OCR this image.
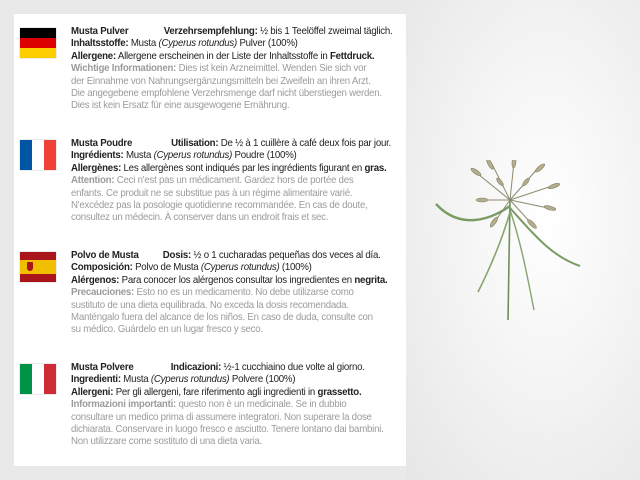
Musta Pulver	Verzehrsempfehlung: ½ bis 1 Teelöffel zweimal täglich.
Inhaltsstoffe: Musta (Cyperus rotundus) Pulver (100%)
Allergene: Allergene erscheinen in der Liste der Inhaltsstoffe in Fettdruck.
Wichtige Informationen: Dies ist kein Arzneimittel. Wenden Sie sich vor
der Einnahme von Nahrungsergänzungsmitteln bei Zweifeln an ihren Arzt.
Die angegebene empfohlene Verzehrsmenge darf nicht überstiegen werden.
Dies ist kein Ersatz für eine ausgewogene Ernährung.
Musta Poudre	Utilisation: De ½ à 1 cuillère à café deux fois par jour.
Ingrédients: Musta (Cyperus rotundus) Poudre (100%)
Allergènes: Les allergènes sont indiqués par les ingrédients figurant en gras.
Attention: Ceci n'est pas un médicament. Gardez hors de portée des
enfants. Ce produit ne se substitue pas à un régime alimentaire varié.
N'excédez pas la posologie quotidienne recommandée. En cas de doute,
consultez un médecin. À conserver dans un endroit frais et sec.
Polvo de Musta Dosis: ½ o 1 cucharadas pequeñas dos veces al día.
Composición: Polvo de Musta (Cyperus rotundus) (100%)
Alérgenos: Para conocer los alérgenos consultar los ingredientes en negrita.
Precauciones: Esto no es un medicamento. No debe utilizarse como
sustituto de una dieta equilibrada. No exceda la dosis recomendada.
Manténgalo fuera del alcance de los niños. En caso de duda, consulte con
su médico. Guárdelo en un lugar fresco y seco.
Musta Polvere	Indicazioni: ½-1 cucchiaino due volte al giorno.
Ingredienti: Musta (Cyperus rotundus) Polvere (100%)
Allergeni: Per gli allergeni, fare riferimento agli ingredienti in grassetto.
Informazioni importanti: questo non è un medicinale. Se in dubbio
consultare un medico prima di assumere integratori. Non superare la dose
dichiarata. Conservare in luogo fresco e asciutto. Tenere lontano dai bambini.
Non utilizzare come sostituto di una dieta varia.
